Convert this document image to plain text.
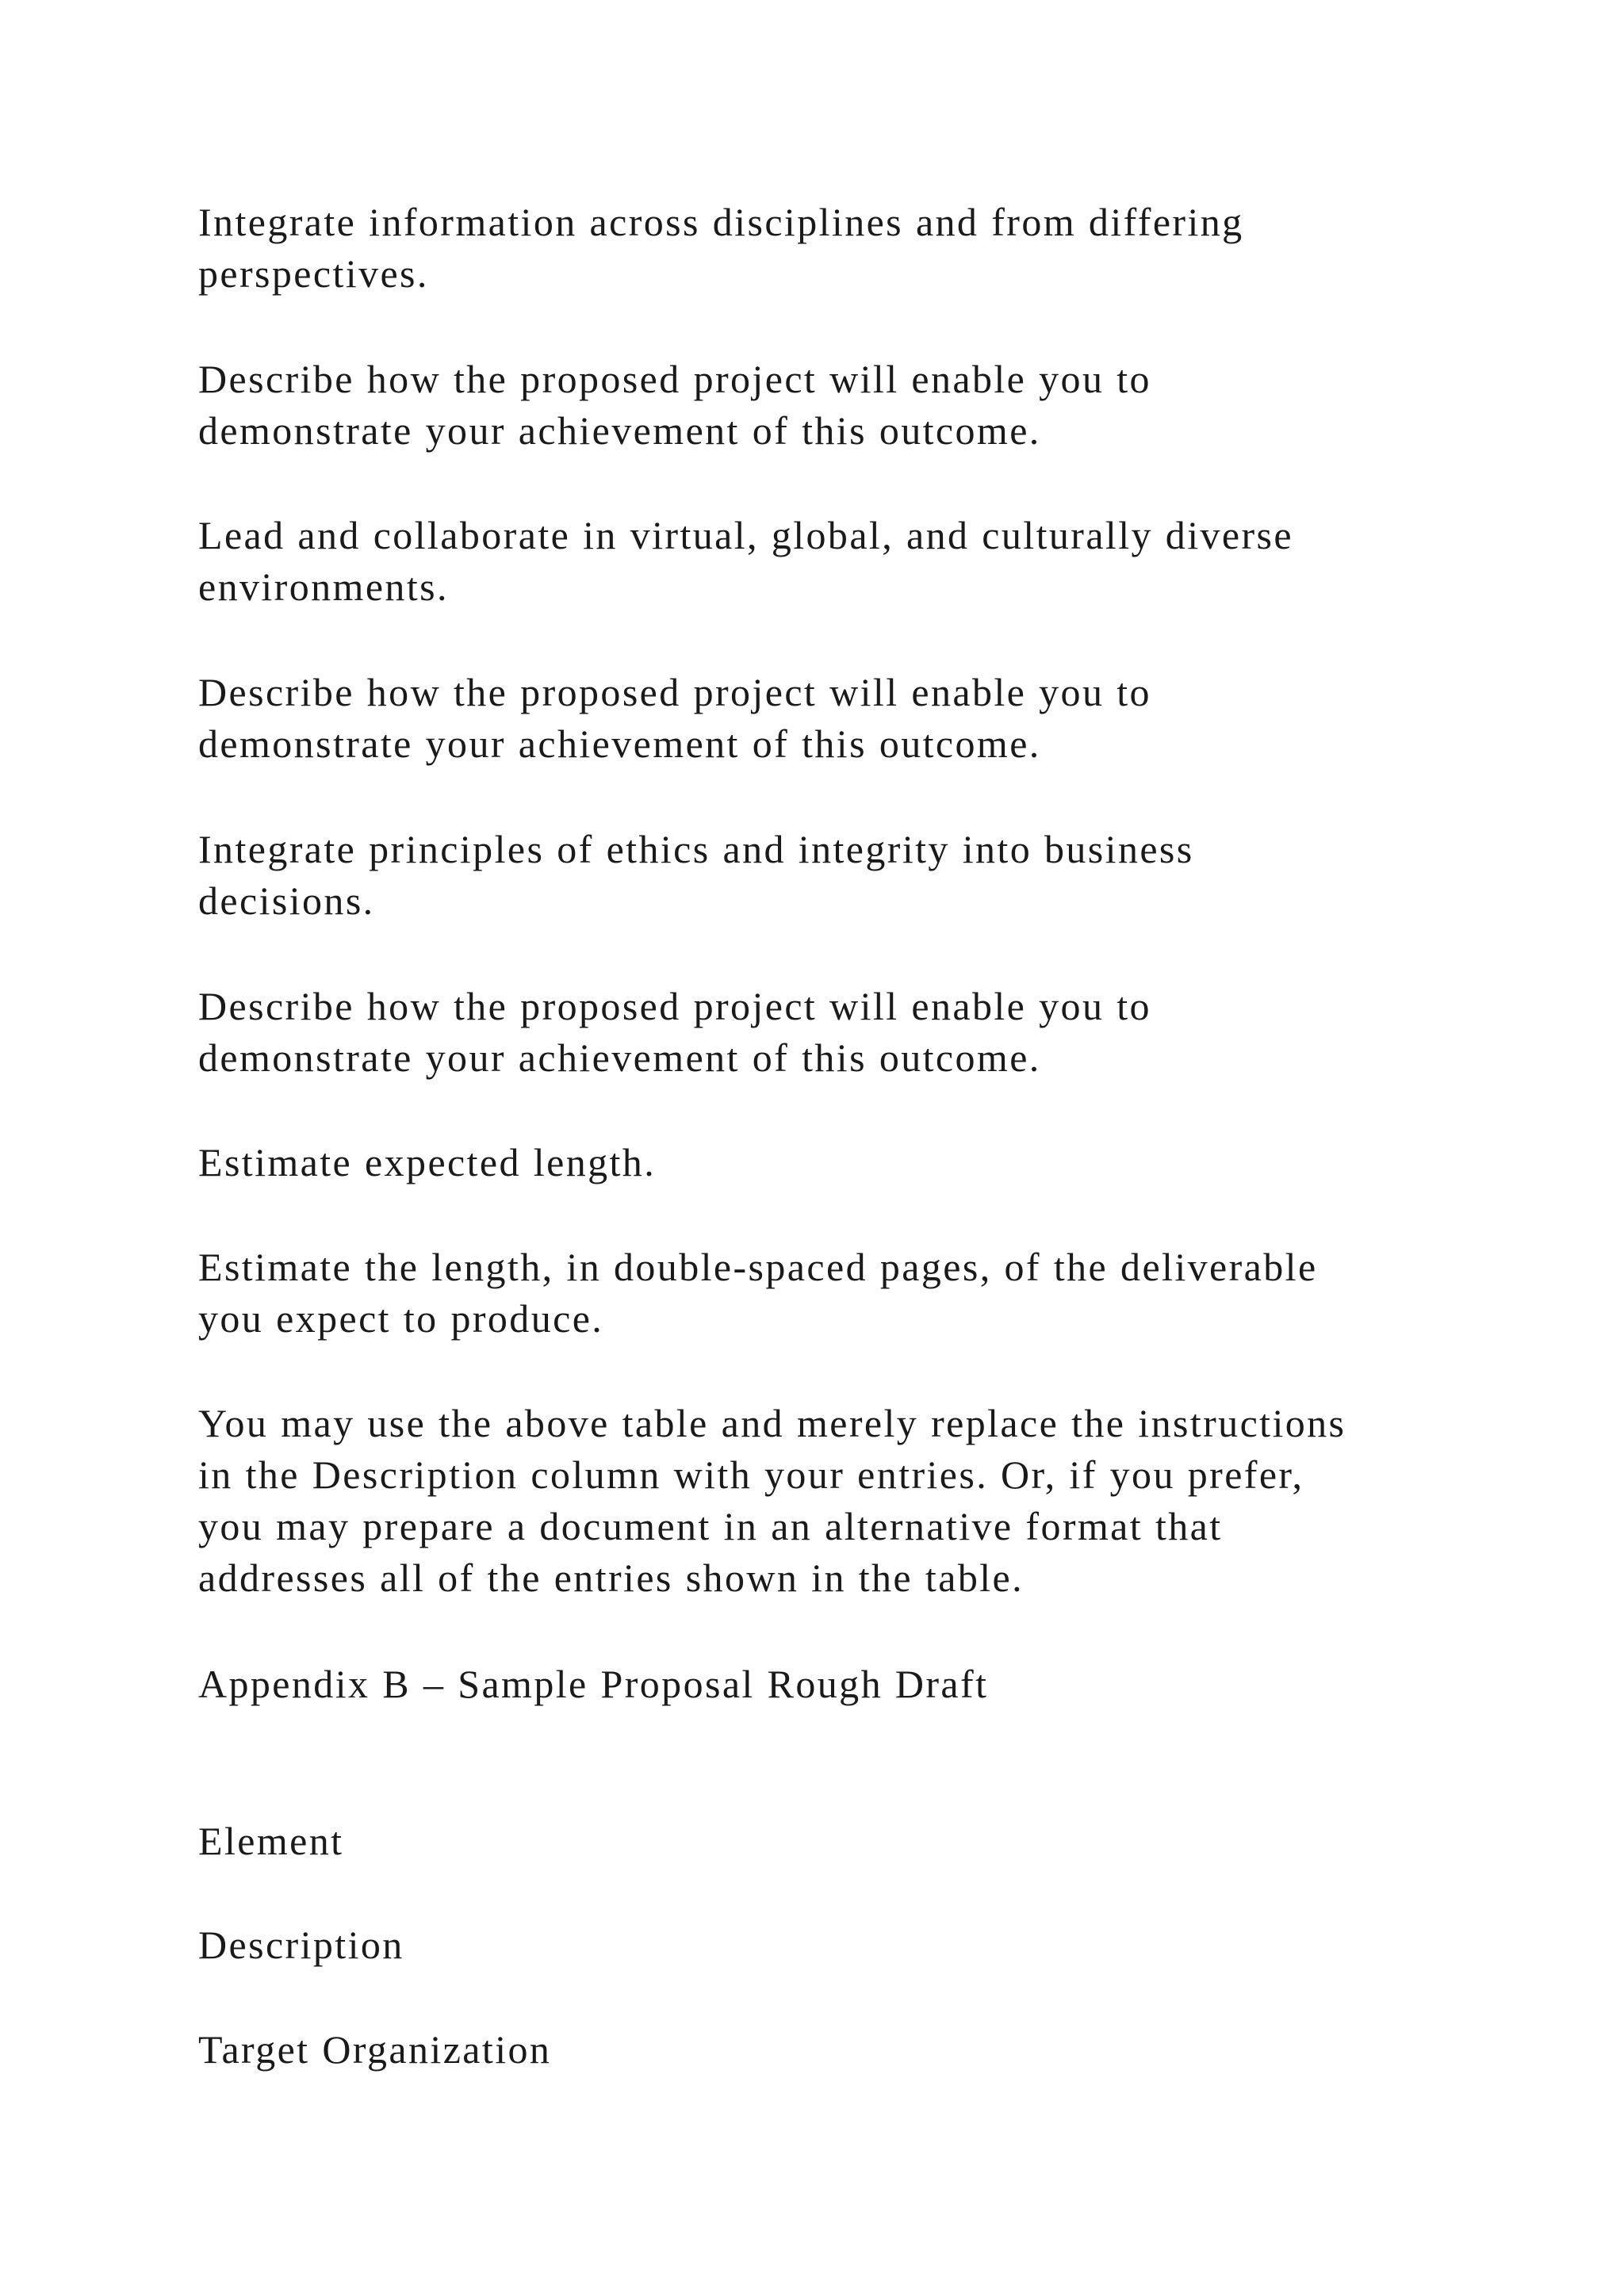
Integrate information across disciplines and from differing
perspectives.

Describe how the proposed project will enable you to
demonstrate your achievement of this outcome.

Lead and collaborate in virtual, global, and culturally diverse
environments.

Describe how the proposed project will enable you to
demonstrate your achievement of this outcome.

Integrate principles of ethics and integrity into business
decisions.

Describe how the proposed project will enable you to
demonstrate your achievement of this outcome.

Estimate expected length.

Estimate the length, in double-spaced pages, of the deliverable
you expect to produce.

You may use the above table and merely replace the instructions
in the Description column with your entries. Or, if you prefer,
you may prepare a document in an alternative format that
addresses all of the entries shown in the table.

Appendix B – Sample Proposal Rough Draft

Element

Description

Target Organization
